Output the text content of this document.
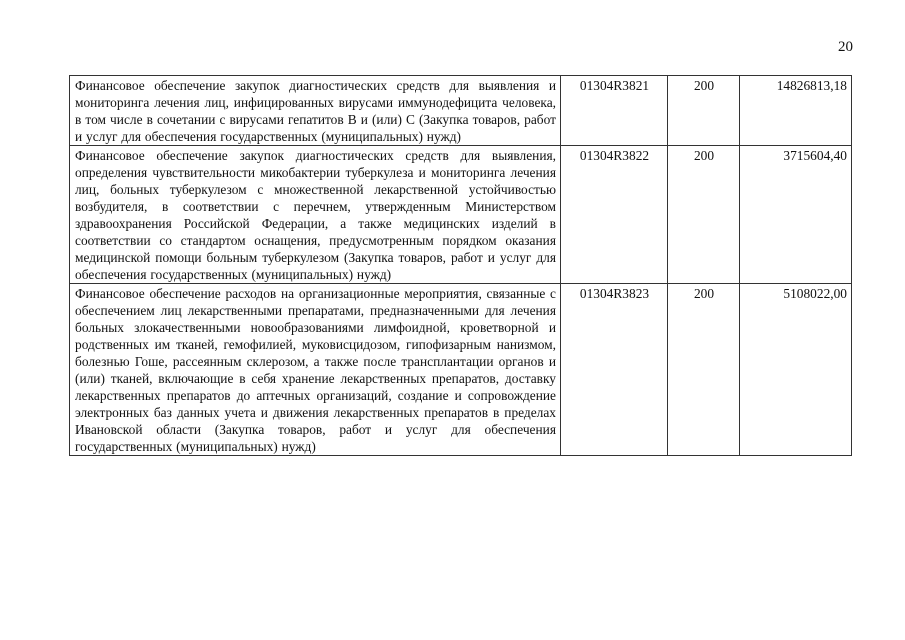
20
Финансовое обеспечение закупок диагностических средств для выявления и мониторинга лечения лиц, инфицированных вирусами иммунодефицита человека, в том числе в сочетании с вирусами гепатитов В и (или) С (Закупка товаров, работ и услуг для обеспечения государственных (муниципальных) нужд)	01304R3821	200	14826813,18
Финансовое обеспечение закупок диагностических средств для выявления, определения чувствительности микобактерии туберкулеза и мониторинга лечения лиц, больных туберкулезом с множественной лекарственной устойчивостью возбудителя, в соответствии с перечнем, утвержденным Министерством здравоохранения Российской Федерации, а также медицинских изделий в соответствии со стандартом оснащения, предусмотренным порядком оказания медицинской помощи больным туберкулезом (Закупка товаров, работ и услуг для обеспечения государственных (муниципальных) нужд)	01304R3822	200	3715604,40
Финансовое обеспечение расходов на организационные мероприятия, связанные с обеспечением лиц лекарственными препаратами, предназначенными для лечения больных злокачественными новообразованиями лимфоидной, кроветворной и родственных им тканей, гемофилией, муковисцидозом, гипофизарным нанизмом, болезнью Гоше, рассеянным склерозом, а также после трансплантации органов и (или) тканей, включающие в себя хранение лекарственных препаратов, доставку лекарственных препаратов до аптечных организаций, создание и сопровождение электронных баз данных учета и движения лекарственных препаратов в пределах Ивановской области (Закупка товаров, работ и услуг для обеспечения государственных (муниципальных) нужд)	01304R3823	200	5108022,00
